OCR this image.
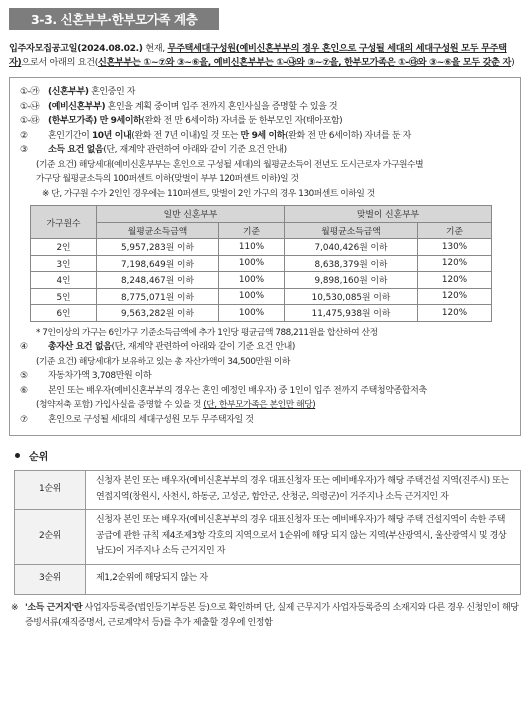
3-3. 신혼부부·한부모가족 계층
입주자모집공고일(2024.08.02.) 현재, 무주택세대구성원(예비신혼부부의 경우 혼인으로 구성될 세대의 세대구성원 모두 무주택자)으로서 아래의 요건(신혼부부는 ①~⑦와 ③~⑥을, 예비신혼부부는 ①-㉯와 ③~⑦을, 한부모가족은 ①-㉰와 ③~⑥을 모두 갖춘 자)
①-㉮ (신혼부부) 혼인중인 자
①-㉯ (예비신혼부부) 혼인을 계획 중이며 입주 전까지 혼인사실을 증명할 수 있을 것
①-㉰ (한부모가족) 만 9세이하(완화 전 만 6세이하) 자녀를 둔 한부모인 자(태아포함)
②	혼인기간이 10년 이내(완화 전 7년 이내)일 것 또는 만 9세 이하(완화 전 만 6세이하) 자녀를 둔 자
③	소득 요건 없음(단, 재계약 관련하여 아래와 같이 기준 요건 안내)
(기준 요건) 해당세대(예비신혼부부는 혼인으로 구성될 세대)의 월평균소득이 전년도 도시근로자 가구원수별
가구당 월평균소득의 100퍼센트 이하(맞벌이 부부 120퍼센트 이하)일 것
※ 단, 가구원 수가 2인인 경우에는 110퍼센트, 맞벌이 2인 가구의 경우 130퍼센트 이하일 것
가구원수	일반 신혼부부		맞벌이 신혼부부	
	월평균소득금액	기준	월평균소득금액	기준
2인	5,957,283원 이하	110%	7,040,426원 이하	130%
3인	7,198,649원 이하	100%	8,638,379원 이하	120%
4인	8,248,467원 이하	100%	9,898,160원 이하	120%
5인	8,775,071원 이하	100%	10,530,085원 이하	120%
6인	9,563,282원 이하	100%	11,475,938원 이하	120%
* 7인이상의 가구는 6인가구 기준소득금액에 추가 1인당 평균금액 788,211원을 합산하여 산정
④	총자산 요건 없음(단, 재계약 관련하여 아래와 같이 기준 요건 안내)
(기준 요건) 해당세대가 보유하고 있는 총 자산가액이 34,500만원 이하
⑤	자동차가액 3,708만원 이하
⑥	본인 또는 배우자(예비신혼부부의 경우는 혼인 예정인 배우자) 중 1인이 입주 전까지 주택청약종합저축
(청약저축 포함) 가입사실을 증명할 수 있을 것 (단, 한부모가족은 본인만 해당)
⑦	혼인으로 구성될 세대의 세대구성원 모두 무주택자일 것
순위
1순위	신청자 본인 또는 배우자(예비신혼부부의 경우 대표신청자 또는 예비배우자)가 해당 주택건설 지역(진주시) 또는 연접지역(창원시, 사천시, 하동군, 고성군, 함안군, 산청군, 의령군)이 거주지나 소득 근거지인 자
2순위	신청자 본인 또는 배우자(예비신혼부부의 경우 대표신청자 또는 예비배우자)가 해당 주택 건설지역이 속한 주택공급에 관한 규칙 제4조제3항 각호의 지역으로서 1순위에 해당 되지 않는 지역(부산광역시, 울산광역시 및 경상남도)이 거주지나 소득 근거지인 자
3순위	제1,2순위에 해당되지 않는 자
※ '소득 근거지'란 사업자등록증(법인등기부등본 등)으로 확인하며 단, 실제 근무지가 사업자등록증의 소재지와 다른 경우 신청인이 해당 증빙서류(재직증명서, 근로계약서 등)를 추가 제출할 경우에 인정함
